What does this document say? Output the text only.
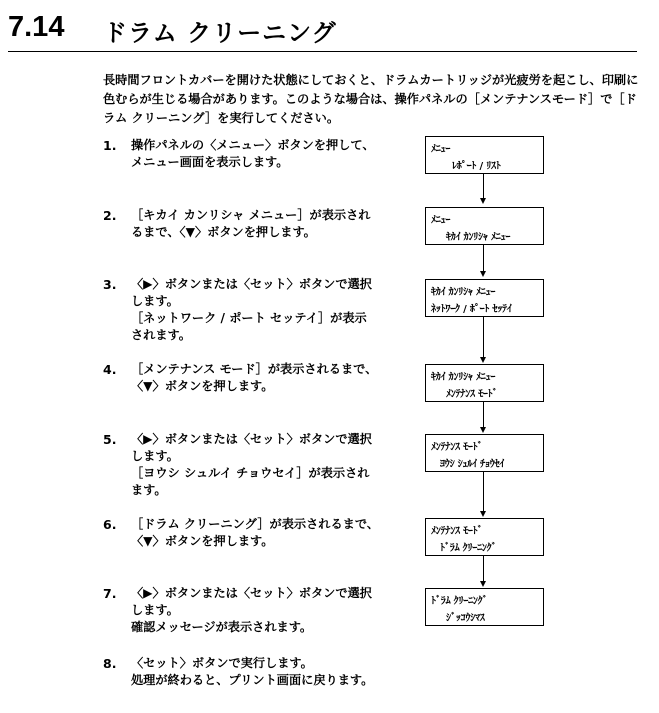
7.14 ドラム クリーニング
長時間フロントカバーを開けた状態にしておくと、ドラムカートリッジが光疲労を起こし、印刷に色むらが生じる場合があります。このような場合は、操作パネルの［メンテナンスモード］で［ドラム クリーニング］を実行してください。
1. 操作パネルの〈メニュー〉ボタンを押して、
メニュー画面を表示します。
2. ［キカイ カンリシャ メニュー］が表示され
るまで、〈▼〉ボタンを押します。
3. 〈▶〉ボタンまたは〈セット〉ボタンで選択
します。
［ネットワーク / ポート セッテイ］が表示
されます。
4. ［メンテナンス モード］が表示されるまで、
〈▼〉ボタンを押します。
5. 〈▶〉ボタンまたは〈セット〉ボタンで選択
します。
［ヨウシ シュルイ チョウセイ］が表示され
ます。
6. ［ドラム クリーニング］が表示されるまで、
〈▼〉ボタンを押します。
7. 〈▶〉ボタンまたは〈セット〉ボタンで選択
します。
確認メッセージが表示されます。
8. 〈セット〉ボタンで実行します。
処理が終わると、プリント画面に戻ります。
ﾒﾆｭｰ
ﾚﾎﾟｰﾄ / ﾘｽﾄ
ﾒﾆｭｰ
ｷｶｲ ｶﾝﾘｼｬ ﾒﾆｭｰ
ｷｶｲ ｶﾝﾘｼｬ ﾒﾆｭｰ
ﾈｯﾄﾜｰｸ / ﾎﾟｰﾄ ｾｯﾃｲ
ｷｶｲ ｶﾝﾘｼｬ ﾒﾆｭｰ
ﾒﾝﾃﾅﾝｽ ﾓｰﾄﾞ
ﾒﾝﾃﾅﾝｽ ﾓｰﾄﾞ
ﾖｳｼ ｼｭﾙｲ ﾁｮｳｾｲ
ﾒﾝﾃﾅﾝｽ ﾓｰﾄﾞ
ﾄﾞﾗﾑ ｸﾘｰﾆﾝｸﾞ
ﾄﾞﾗﾑ ｸﾘｰﾆﾝｸﾞ
ｼﾞｯｺｳｼﾏｽ
